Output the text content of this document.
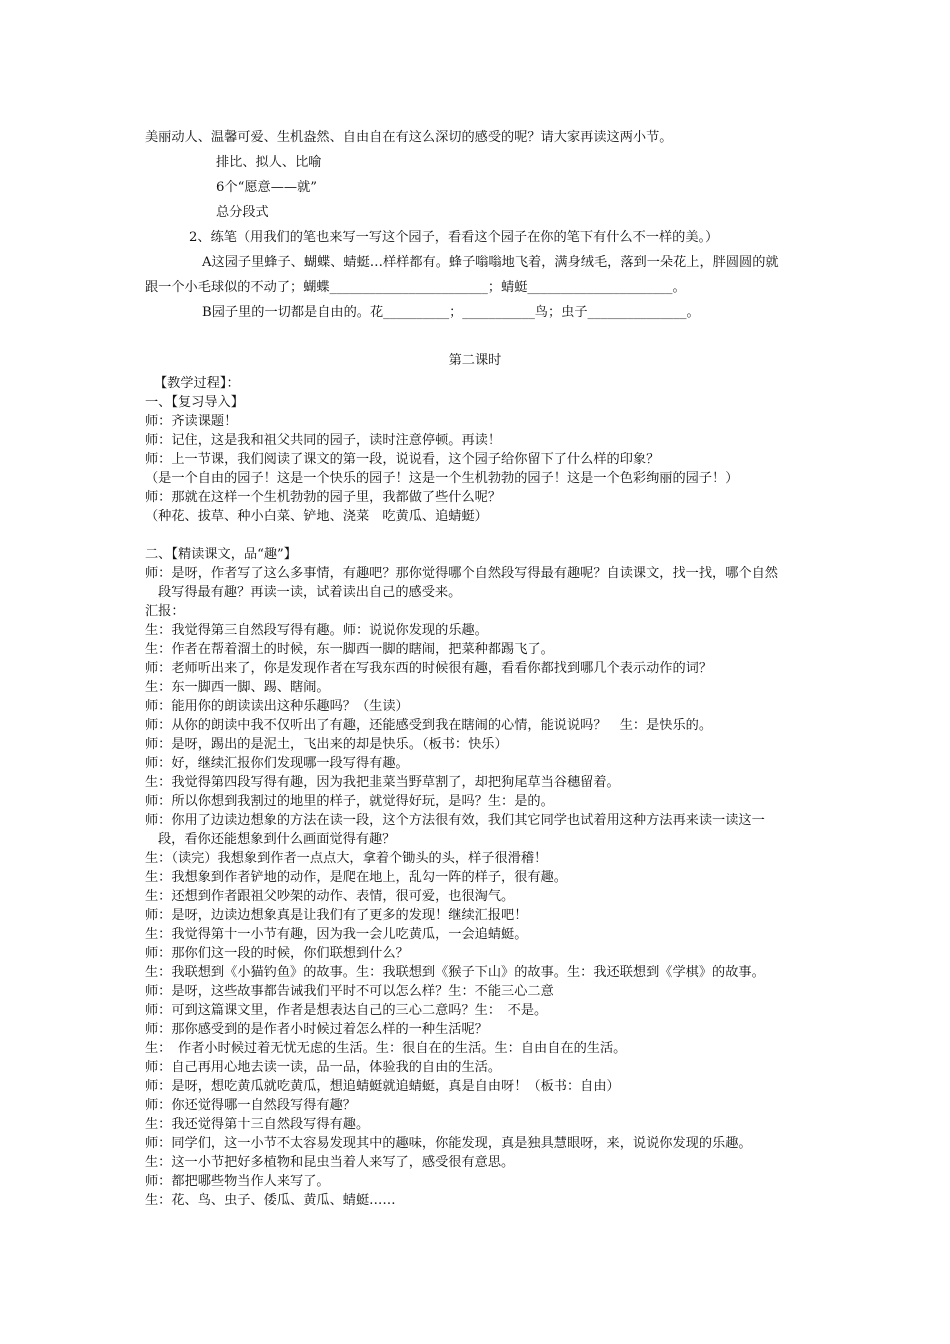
美丽动人、温馨可爱、生机盎然、自由自在有这么深切的感受的呢？请大家再读这两小节。
排比、拟人、比喻
6个“愿意——就”
总分段式
2、练笔（用我们的笔也来写一写这个园子，看看这个园子在你的笔下有什么不一样的美。）
A这园子里蜂子、蝴蝶、蜻蜓…样样都有。蜂子嗡嗡地飞着，满身绒毛，落到一朵花上，胖圆圆的就
跟一个小毛球似的不动了；蝴蝶________________________；蜻蜓______________________。
B园子里的一切都是自由的。花__________；___________鸟；虫子_______________。
第二课时
【教学过程】：
一、【复习导入】
师：齐读课题！
师：记住，这是我和祖父共同的园子，读时注意停顿。再读！
师：上一节课，我们阅读了课文的第一段，说说看，这个园子给你留下了什么样的印象？
（是一个自由的园子！这是一个快乐的园子！这是一个生机勃勃的园子！这是一个色彩绚丽的园子！）
师：那就在这样一个生机勃勃的园子里，我都做了些什么呢？
（种花、拔草、种小白菜、铲地、浇菜　吃黄瓜、追蜻蜓）
二、【精读课文，品“趣”】
师：是呀，作者写了这么多事情，有趣吧？那你觉得哪个自然段写得最有趣呢？自读课文，找一找，哪个自然
段写得最有趣？再读一读，试着读出自己的感受来。
汇报：
生：我觉得第三自然段写得有趣。师：说说你发现的乐趣。
生：作者在帮着溜土的时候，东一脚西一脚的瞎闹，把菜种都踢飞了。
师：老师听出来了，你是发现作者在写我东西的时候很有趣，看看你都找到哪几个表示动作的词？
生：东一脚西一脚、踢、瞎闹。
师：能用你的朗读读出这种乐趣吗？（生读）
师：从你的朗读中我不仅听出了有趣，还能感受到我在瞎闹的心情，能说说吗？　生：是快乐的。
师：是呀，踢出的是泥土，飞出来的却是快乐。（板书：快乐）
师：好，继续汇报你们发现哪一段写得有趣。
生：我觉得第四段写得有趣，因为我把韭菜当野草割了，却把狗尾草当谷穗留着。
师：所以你想到我割过的地里的样子，就觉得好玩，是吗？生：是的。
师：你用了边读边想象的方法在读一段，这个方法很有效，我们其它同学也试着用这种方法再来读一读这一
段，看你还能想象到什么画面觉得有趣？
生：（读完）我想象到作者一点点大，拿着个锄头的头，样子很滑稽！
生：我想象到作者铲地的动作，是爬在地上，乱勾一阵的样子，很有趣。
生：还想到作者跟祖父吵架的动作、表情，很可爱，也很淘气。
师：是呀，边读边想象真是让我们有了更多的发现！继续汇报吧！
生：我觉得第十一小节有趣，因为我一会儿吃黄瓜，一会追蜻蜓。
师：那你们这一段的时候，你们联想到什么？
生：我联想到《小猫钓鱼》的故事。生：我联想到《猴子下山》的故事。生：我还联想到《学棋》的故事。
师：是呀，这些故事都告诫我们平时不可以怎么样？生：不能三心二意
师：可到这篇课文里，作者是想表达自己的三心二意吗？生：　不是。
师：那你感受到的是作者小时候过着怎么样的一种生活呢？
生：　作者小时候过着无忧无虑的生活。生：很自在的生活。生：自由自在的生活。
师：自己再用心地去读一读，品一品，体验我的自由的生活。
师：是呀，想吃黄瓜就吃黄瓜，想追蜻蜓就追蜻蜓，真是自由呀！（板书：自由）
师：你还觉得哪一自然段写得有趣？
生：我还觉得第十三自然段写得有趣。
师：同学们，这一小节不太容易发现其中的趣味，你能发现，真是独具慧眼呀，来，说说你发现的乐趣。
生：这一小节把好多植物和昆虫当着人来写了，感受很有意思。
师：都把哪些物当作人来写了。
生：花、鸟、虫子、倭瓜、黄瓜、蜻蜓……
